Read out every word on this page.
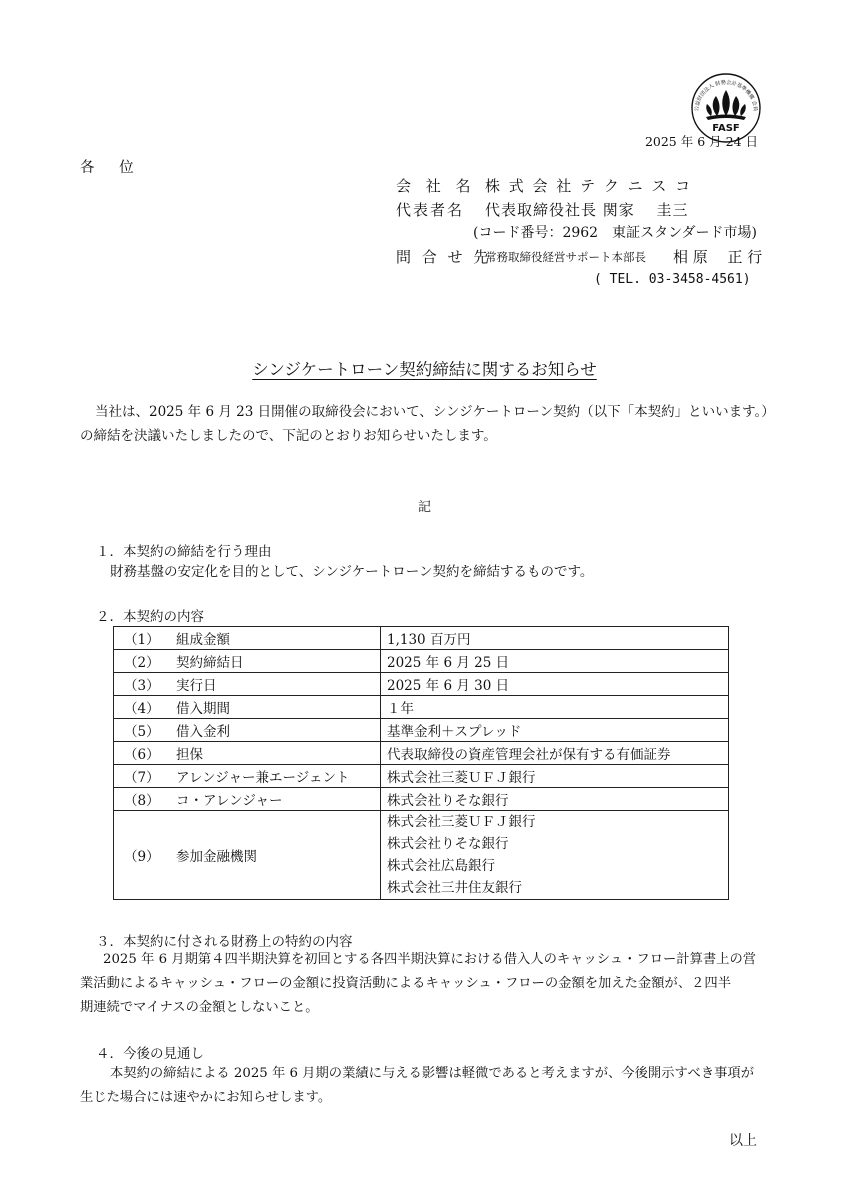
公益財団法人 財務会計基準機構 会員
FASF
2025 年 6 月 24 日
各 位
会 社 名 株 式 会 社 テ ク ニ ス コ
代表者名 代表取締役社長 関家　 圭三
(コード番号：2962　東証スタンダード市場)
問 合 せ 先
常務取締役経営サポート本部長 相 原　 正 行
( TEL. 03-3458-4561)
シンジケートローン契約締結に関するお知らせ
当社は、2025 年 6 月 23 日開催の取締役会において、シンジケートローン契約（以下「本契約」といいます。）
の締結を決議いたしましたので、下記のとおりお知らせいたします。
記
１．本契約の締結を行う理由
財務基盤の安定化を目的として、シンジケートローン契約を締結するものです。
２．本契約の内容
（1） 組成金額	1,130 百万円
（2） 契約締結日	2025 年 6 月 25 日
（3） 実行日	2025 年 6 月 30 日
（4） 借入期間	１年
（5） 借入金利	基準金利＋スプレッド
（6） 担保	代表取締役の資産管理会社が保有する有価証券
（7） アレンジャー兼エージェント	株式会社三菱ＵＦＪ銀行
（8） コ・アレンジャー	株式会社りそな銀行
（9） 参加金融機関	株式会社三菱ＵＦＪ銀行
株式会社りそな銀行
株式会社広島銀行
株式会社三井住友銀行
３．本契約に付される財務上の特約の内容
2025 年 6 月期第４四半期決算を初回とする各四半期決算における借入人のキャッシュ・フロー計算書上の営
業活動によるキャッシュ・フローの金額に投資活動によるキャッシュ・フローの金額を加えた金額が、２四半
期連続でマイナスの金額としないこと。
４．今後の見通し
本契約の締結による 2025 年 6 月期の業績に与える影響は軽微であると考えますが、今後開示すべき事項が
生じた場合には速やかにお知らせします。
以上
